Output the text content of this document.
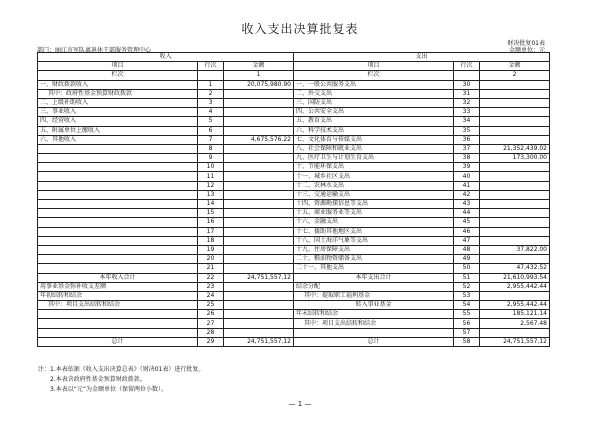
收入支出决算批复表
财决批复01表
部门：丽江市军队离退休干部服务管理中心	金额单位：元
收入			支出		
项目	行次	金额	项目	行次	金额
栏次		1	栏次		2
一、财政拨款收入	1	20,075,980.90	一、一般公共服务支出	30	
其中：政府性基金预算财政拨款	2		二、外交支出	31	
二、上级补助收入	3		三、国防支出	32	
三、事业收入	4		四、公共安全支出	33	
四、经营收入	5		五、教育支出	34	
五、附属单位上缴收入	6		六、科学技术支出	35	
六、其他收入	7	4,675,576.22	七、文化体育与传媒支出	36	
	8		八、社会保障和就业支出	37	21,352,439.02
	9		九、医疗卫生与计划生育支出	38	173,300.00
	10		十、节能环保支出	39	
	11		十一、城乡社区支出	40	
	12		十二、农林水支出	41	
	13		十三、交通运输支出	42	
	14		十四、资源勘探信息等支出	43	
	15		十五、商业服务业等支出	44	
	16		十六、金融支出	45	
	17		十七、援助其他地区支出	46	
	18		十八、国土海洋气象等支出	47	
	19		十九、住房保障支出	48	37,822.00
	20		二十、粮油物资储备支出	49	
	21		二十一、其他支出	50	47,432.52
本年收入合计	22	24,751,557.12	本年支出合计	51	21,610,993.54
用事业基金弥补收支差额	23		结余分配	52	2,955,442.44
年初结转和结余	24		其中：提取职工福利基金	53	
其中：项目支出结转和结余	25		转入事业基金	54	2,955,442.44
	26		年末结转和结余	55	185,121.14
	27		其中：项目支出结转和结余	56	2,567.48
	28			57	
总计	29	24,751,557.12	总计	58	24,751,557.12
注：1.本表依据《收入支出决算总表》（财决01表）进行批复。
2.本表含政府性基金预算财政拨款。
3.本表以“元”为金额单位（保留两位小数）。
— 1 —
